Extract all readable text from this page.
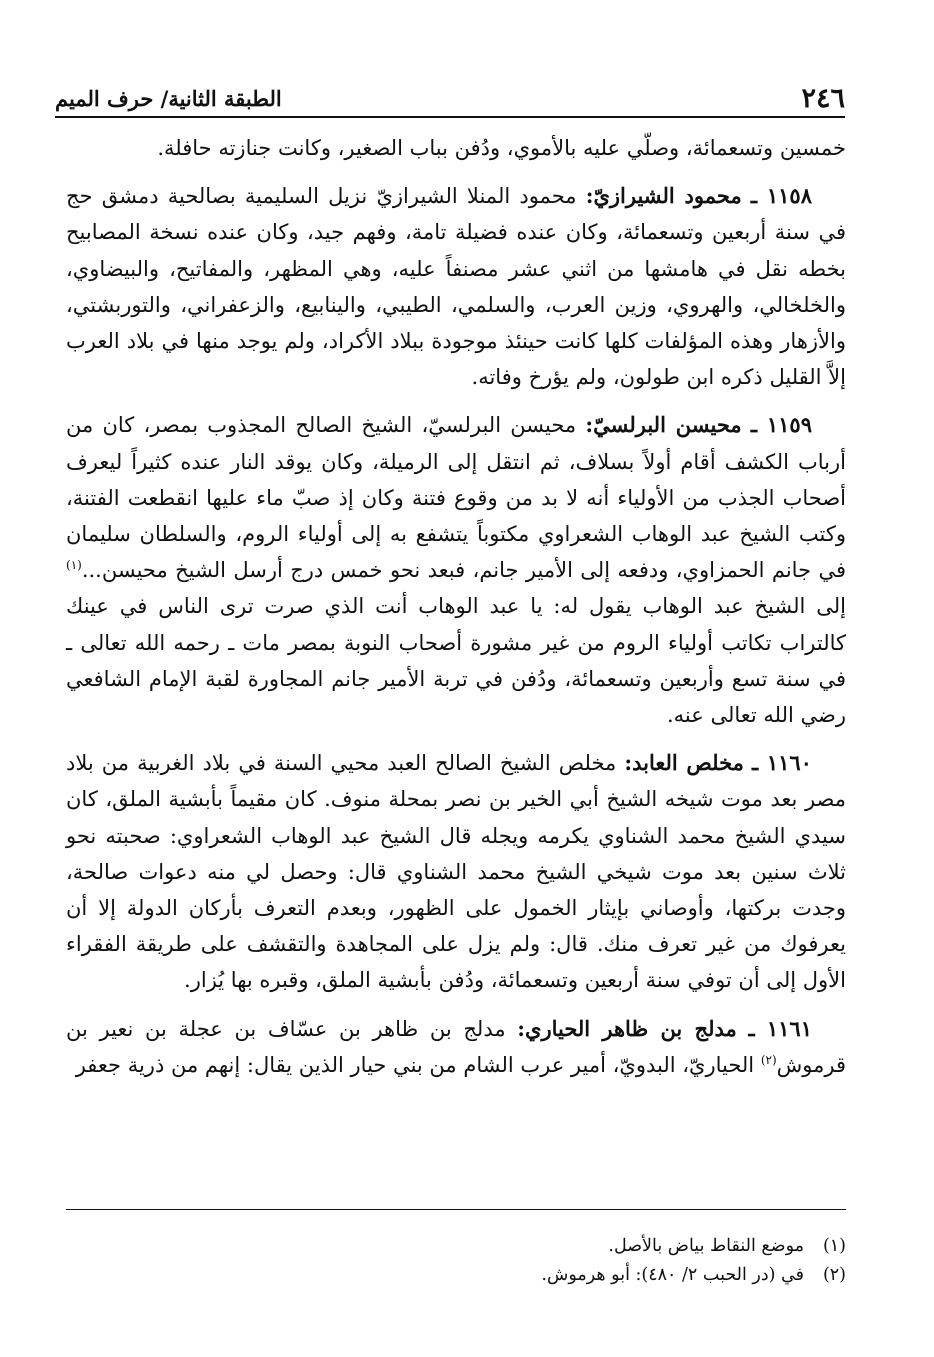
الطبقة الثانية/ حرف الميم	٢٤٦

خمسين وتسعمائة، وصلّي عليه بالأموي، ودُفن بباب الصغير، وكانت جنازته حافلة.

١١٥٨ ـ محمود الشيرازيّ: محمود المنلا الشيرازيّ نزيل السليمية بصالحية دمشق حج في سنة أربعين وتسعمائة، وكان عنده فضيلة تامة، وفهم جيد، وكان عنده نسخة المصابيح بخطه نقل في هامشها من اثني عشر مصنفاً عليه، وهي المظهر، والمفاتيح، والبيضاوي، والخلخالي، والهروي، وزين العرب، والسلمي، الطيبي، والينابيع، والزعفراني، والتوربشتي، والأزهار وهذه المؤلفات كلها كانت حينئذ موجودة ببلاد الأكراد، ولم يوجد منها في بلاد العرب إلاَّ القليل ذكره ابن طولون، ولم يؤرخ وفاته.

١١٥٩ ـ محيسن البرلسيّ: محيسن البرلسيّ، الشيخ الصالح المجذوب بمصر، كان من أرباب الكشف أقام أولاً بسلاف، ثم انتقل إلى الرميلة، وكان يوقد النار عنده كثيراً ليعرف أصحاب الجذب من الأولياء أنه لا بد من وقوع فتنة وكان إذ صبّ ماء عليها انقطعت الفتنة، وكتب الشيخ عبد الوهاب الشعراوي مكتوباً يتشفع به إلى أولياء الروم، والسلطان سليمان في جانم الحمزاوي، ودفعه إلى الأمير جانم، فبعد نحو خمس درج أرسل الشيخ محيسن...$^{(١)}$ إلى الشيخ عبد الوهاب يقول له: يا عبد الوهاب أنت الذي صرت ترى الناس في عينك كالتراب تكاتب أولياء الروم من غير مشورة أصحاب النوبة بمصر مات ـ رحمه الله تعالى ـ في سنة تسع وأربعين وتسعمائة، ودُفن في تربة الأمير جانم المجاورة لقبة الإمام الشافعي رضي الله تعالى عنه.

١١٦٠ ـ مخلص العابد: مخلص الشيخ الصالح العبد محيي السنة في بلاد الغربية من بلاد مصر بعد موت شيخه الشيخ أبي الخير بن نصر بمحلة منوف. كان مقيماً بأبشية الملق، كان سيدي الشيخ محمد الشناوي يكرمه ويجله قال الشيخ عبد الوهاب الشعراوي: صحبته نحو ثلاث سنين بعد موت شيخي الشيخ محمد الشناوي قال: وحصل لي منه دعوات صالحة، وجدت بركتها، وأوصاني بإيثار الخمول على الظهور، وبعدم التعرف بأركان الدولة إلا أن يعرفوك من غير تعرف منك. قال: ولم يزل على المجاهدة والتقشف على طريقة الفقراء الأول إلى أن توفي سنة أربعين وتسعمائة، ودُفن بأبشية الملق، وقبره بها يُزار.

١١٦١ ـ مدلج بن ظاهر الحياري: مدلج بن ظاهر بن عسّاف بن عجلة بن نعير بن قرموش$^{(٢)}$ الحياريّ، البدويّ، أمير عرب الشام من بني حيار الذين يقال: إنهم من ذرية جعفر

(١)موضع النقاط بياض بالأصل.
(٢)في (در الحبب ٢/ ٤٨٠): أبو هرموش.
